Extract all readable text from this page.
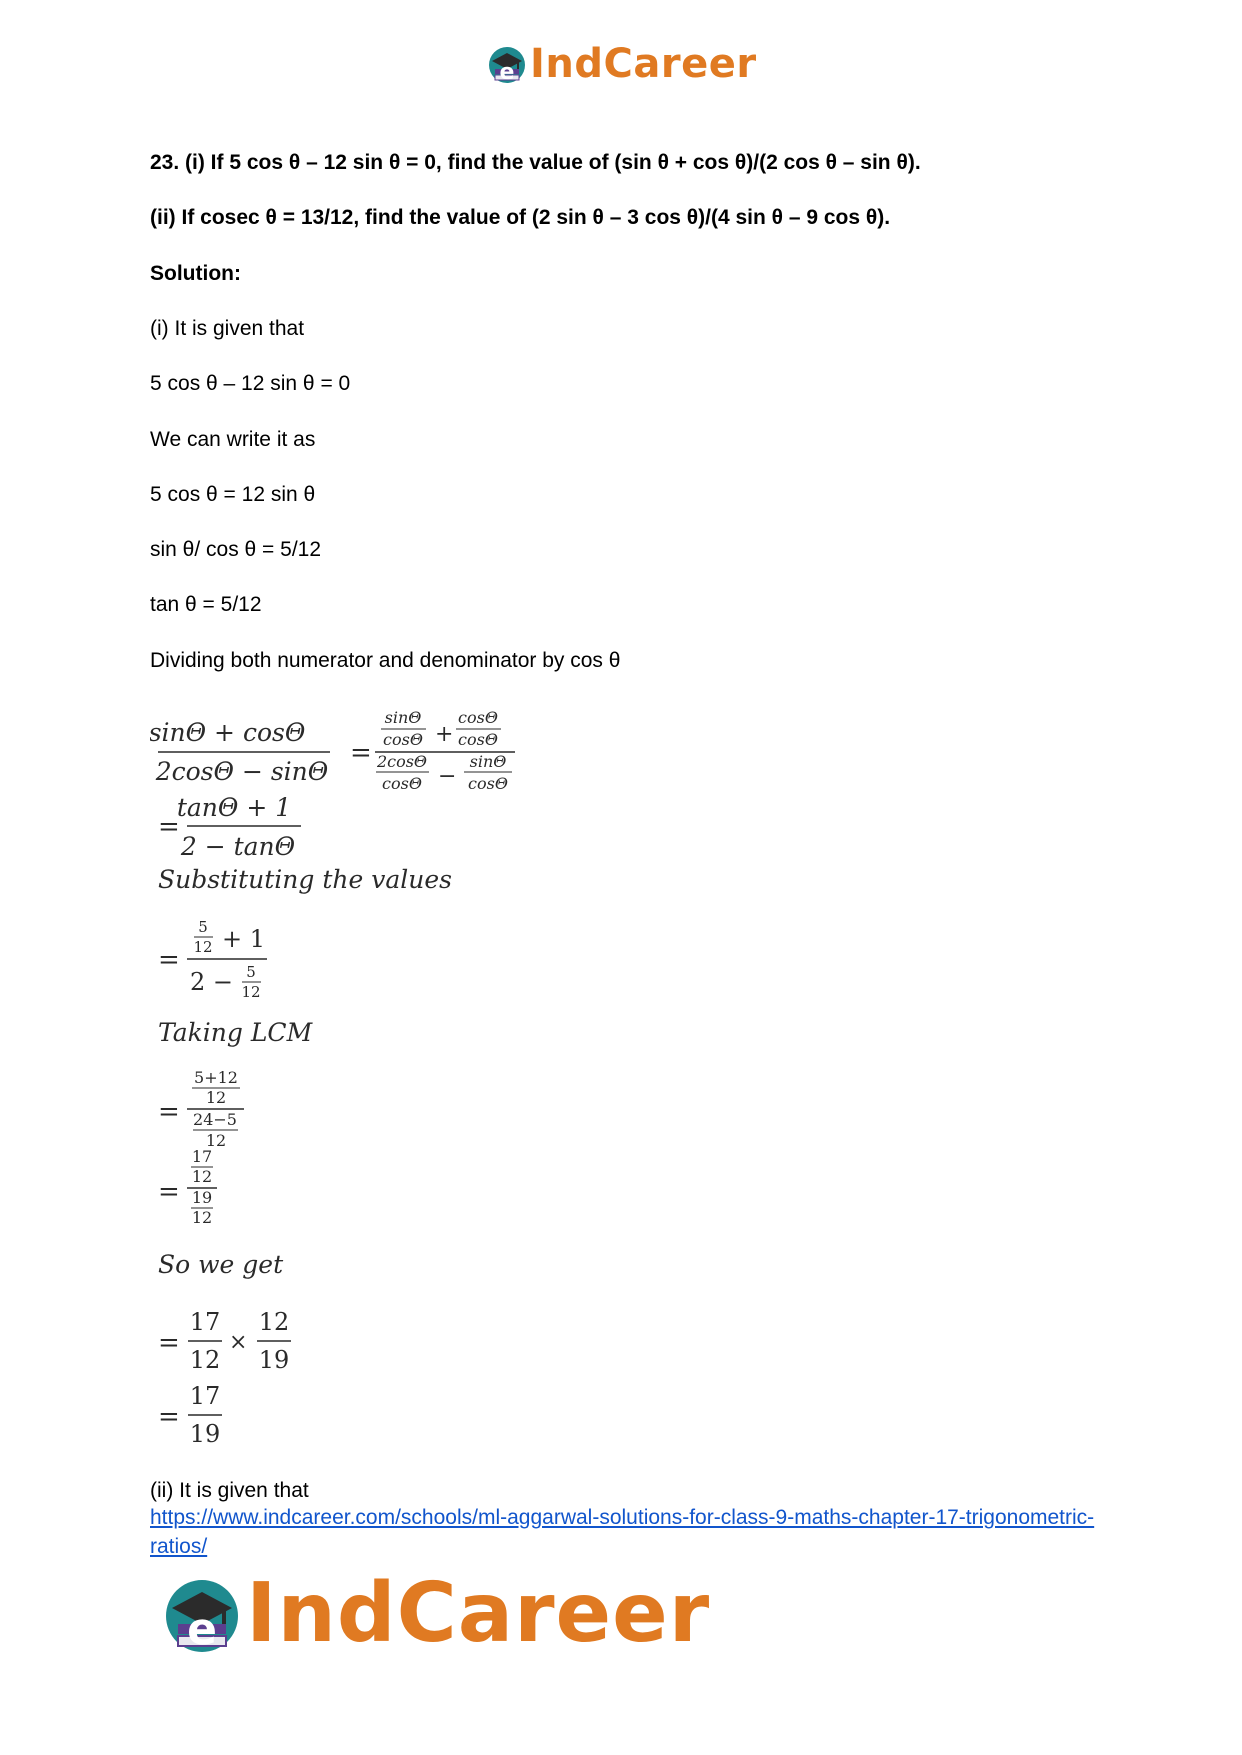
e IndCareer
23. (i) If 5 cos θ – 12 sin θ = 0, find the value of (sin θ + cos θ)/(2 cos θ – sin θ).
(ii) If cosec θ = 13/12, find the value of (2 sin θ – 3 cos θ)/(4 sin θ – 9 cos θ).
Solution:
(i) It is given that
5 cos θ – 12 sin θ = 0
We can write it as
5 cos θ = 12 sin θ
sin θ/ cos θ = 5/12
tan θ = 5/12
Dividing both numerator and denominator by cos θ
sinΘ + cosΘ
2cosΘ − sinΘ
=
sinΘ
cosΘ +
cosΘ
cosΘ
2cosΘ
cosΘ −
sinΘ
cosΘ
=
tanΘ + 1
2 − tanΘ
Substituting the values
=
5
12 + 1
2 − 5
12
Taking LCM
=
5+12
12
24−5
12
=
17
12
19
12
So we get
=
17
12
×
12
19
=
17
19
(ii) It is given that
https://www.indcareer.com/schools/ml-aggarwal-solutions-for-class-9-maths-chapter-17-trigonometric-ratios/
e IndCareer
